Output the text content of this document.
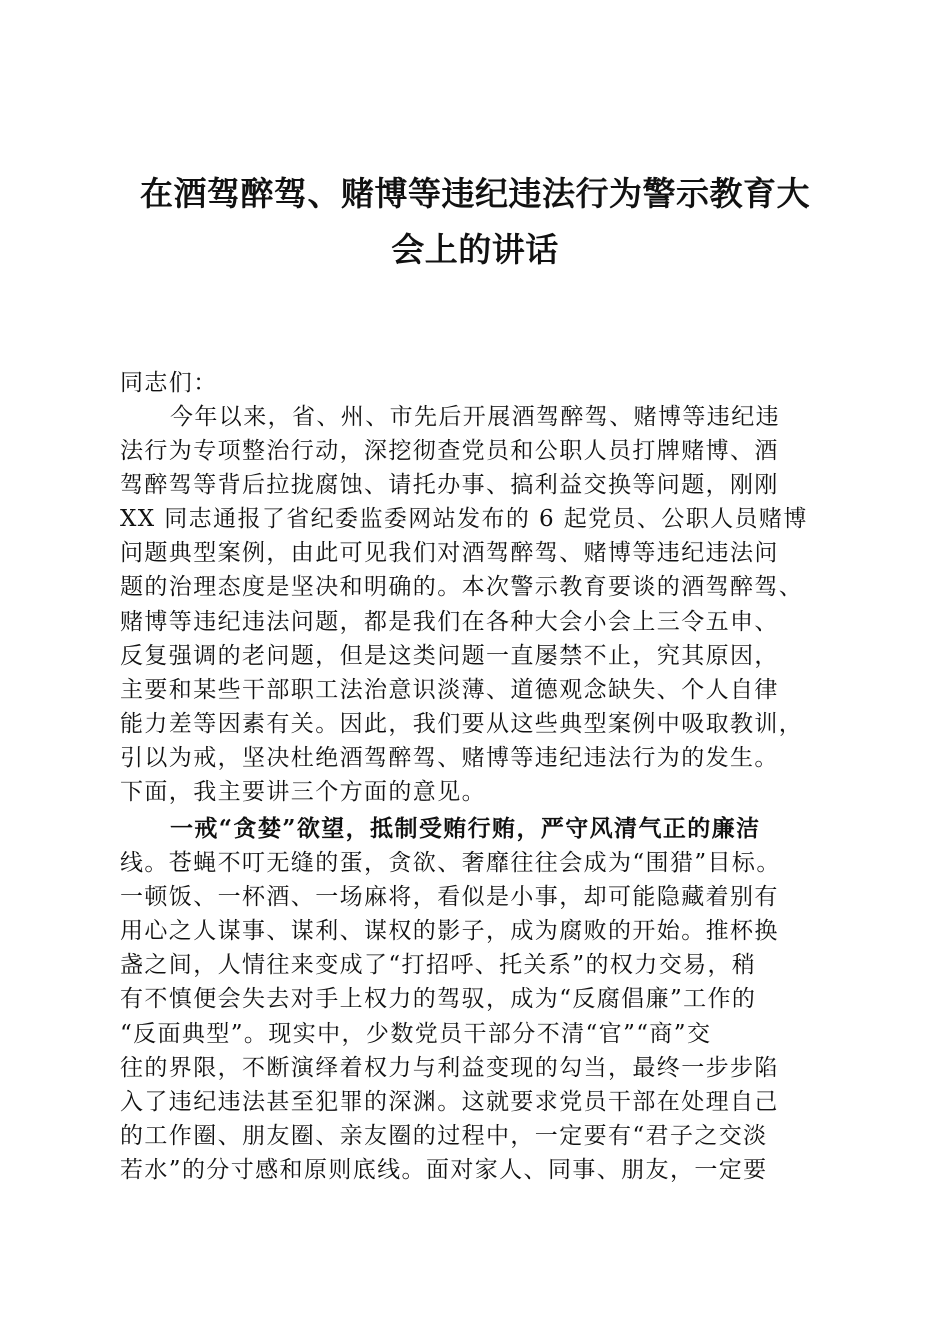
在酒驾醉驾、赌博等违纪违法行为警示教育大
会上的讲话
同志们：
今年以来，省、州、市先后开展酒驾醉驾、赌博等违纪违
法行为专项整治行动，深挖彻查党员和公职人员打牌赌博、酒
驾醉驾等背后拉拢腐蚀、请托办事、搞利益交换等问题，刚刚
XX 同志通报了省纪委监委网站发布的 6 起党员、公职人员赌博
问题典型案例，由此可见我们对酒驾醉驾、赌博等违纪违法问
题的治理态度是坚决和明确的。本次警示教育要谈的酒驾醉驾、
赌博等违纪违法问题，都是我们在各种大会小会上三令五申、
反复强调的老问题，但是这类问题一直屡禁不止，究其原因，
主要和某些干部职工法治意识淡薄、道德观念缺失、个人自律
能力差等因素有关。因此，我们要从这些典型案例中吸取教训，
引以为戒，坚决杜绝酒驾醉驾、赌博等违纪违法行为的发生。
下面，我主要讲三个方面的意见。
一戒“贪婪”欲望，抵制受贿行贿，严守风清气正的廉洁
线。苍蝇不叮无缝的蛋，贪欲、奢靡往往会成为“围猎”目标。
一顿饭、一杯酒、一场麻将，看似是小事，却可能隐藏着别有
用心之人谋事、谋利、谋权的影子，成为腐败的开始。推杯换
盏之间，人情往来变成了“打招呼、托关系”的权力交易，稍
有不慎便会失去对手上权力的驾驭，成为“反腐倡廉”工作的
“反面典型”。现实中，少数党员干部分不清“官”“商”交
往的界限，不断演绎着权力与利益变现的勾当，最终一步步陷
入了违纪违法甚至犯罪的深渊。这就要求党员干部在处理自己
的工作圈、朋友圈、亲友圈的过程中，一定要有“君子之交淡
若水”的分寸感和原则底线。面对家人、同事、朋友，一定要
